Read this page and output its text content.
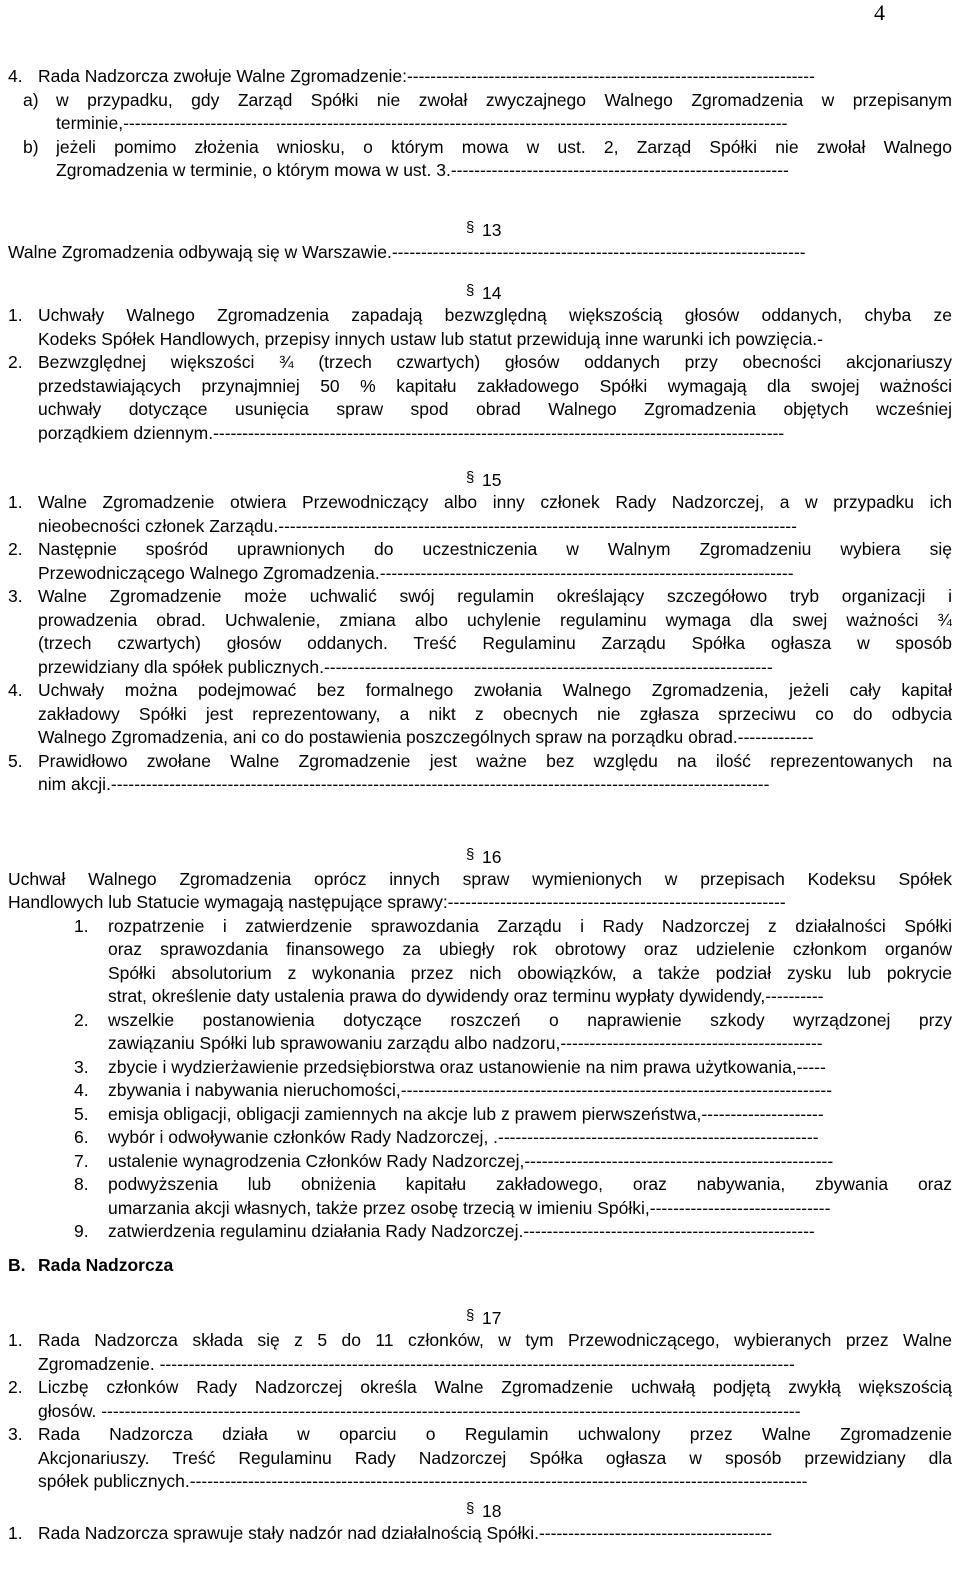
4
4. Rada Nadzorcza zwołuje Walne Zgromadzenie:----------------------------------------------------------------------
a) w przypadku, gdy Zarząd Spółki nie zwołał zwyczajnego Walnego Zgromadzenia w przepisanym
terminie,------------------------------------------------------------------------------------------------------------------
b) jeżeli pomimo złożenia wniosku, o którym mowa w ust. 2, Zarząd Spółki nie zwołał Walnego
Zgromadzenia w terminie, o którym mowa w ust. 3.----------------------------------------------------------
§ 13
Walne Zgromadzenia odbywają się w Warszawie.-----------------------------------------------------------------------
§ 14
1. Uchwały Walnego Zgromadzenia zapadają bezwzględną większością głosów oddanych, chyba ze
Kodeks Spółek Handlowych, przepisy innych ustaw lub statut przewidują inne warunki ich powzięcia.-
2. Bezwzględnej większości ¾ (trzech czwartych) głosów oddanych przy obecności akcjonariuszy
przedstawiających przynajmniej 50 % kapitału zakładowego Spółki wymagają dla swojej ważności
uchwały dotyczące usunięcia spraw spod obrad Walnego Zgromadzenia objętych wcześniej
porządkiem dziennym.--------------------------------------------------------------------------------------------------
§ 15
1. Walne Zgromadzenie otwiera Przewodniczący albo inny członek Rady Nadzorczej, a w przypadku ich
nieobecności członek Zarządu.-----------------------------------------------------------------------------------------
2. Następnie spośród uprawnionych do uczestniczenia w Walnym Zgromadzeniu wybiera się
Przewodniczącego Walnego Zgromadzenia.-----------------------------------------------------------------------
3. Walne Zgromadzenie może uchwalić swój regulamin określający szczegółowo tryb organizacji i
prowadzenia obrad. Uchwalenie, zmiana albo uchylenie regulaminu wymaga dla swej ważności ¾
(trzech czwartych) głosów oddanych. Treść Regulaminu Zarządu Spółka ogłasza w sposób
przewidziany dla spółek publicznych.-----------------------------------------------------------------------------
4. Uchwały można podejmować bez formalnego zwołania Walnego Zgromadzenia, jeżeli cały kapitał
zakładowy Spółki jest reprezentowany, a nikt z obecnych nie zgłasza sprzeciwu co do odbycia
Walnego Zgromadzenia, ani co do postawienia poszczególnych spraw na porządku obrad.-------------
5. Prawidłowo zwołane Walne Zgromadzenie jest ważne bez względu na ilość reprezentowanych na
nim akcji.-----------------------------------------------------------------------------------------------------------------
§ 16
Uchwał Walnego Zgromadzenia oprócz innych spraw wymienionych w przepisach Kodeksu Spółek
Handlowych lub Statucie wymagają następujące sprawy:----------------------------------------------------------
1. rozpatrzenie i zatwierdzenie sprawozdania Zarządu i Rady Nadzorczej z działalności Spółki
oraz sprawozdania finansowego za ubiegły rok obrotowy oraz udzielenie członkom organów
Spółki absolutorium z wykonania przez nich obowiązków, a także podział zysku lub pokrycie
strat, określenie daty ustalenia prawa do dywidendy oraz terminu wypłaty dywidendy,----------
2. wszelkie postanowienia dotyczące roszczeń o naprawienie szkody wyrządzonej przy
zawiązaniu Spółki lub sprawowaniu zarządu albo nadzoru,---------------------------------------------
3. zbycie i wydzierżawienie przedsiębiorstwa oraz ustanowienie na nim prawa użytkowania,-----
4. zbywania i nabywania nieruchomości,--------------------------------------------------------------------------
5. emisja obligacji, obligacji zamiennych na akcje lub z prawem pierwszeństwa,---------------------
6. wybór i odwoływanie członków Rady Nadzorczej, .-------------------------------------------------------
7. ustalenie wynagrodzenia Członków Rady Nadzorczej,-----------------------------------------------------
8. podwyższenia lub obniżenia kapitału zakładowego, oraz nabywania, zbywania oraz
umarzania akcji własnych, także przez osobę trzecią w imieniu Spółki,-------------------------------
9. zatwierdzenia regulaminu działania Rady Nadzorczej.--------------------------------------------------
B. Rada Nadzorcza
§ 17
1. Rada Nadzorcza składa się z 5 do 11 członków, w tym Przewodniczącego, wybieranych przez Walne
Zgromadzenie. -------------------------------------------------------------------------------------------------------------
2. Liczbę członków Rady Nadzorczej określa Walne Zgromadzenie uchwałą podjętą zwykłą większością
głosów. ------------------------------------------------------------------------------------------------------------------------
3. Rada Nadzorcza działa w oparciu o Regulamin uchwalony przez Walne Zgromadzenie
Akcjonariuszy. Treść Regulaminu Rady Nadzorczej Spółka ogłasza w sposób przewidziany dla
spółek publicznych.----------------------------------------------------------------------------------------------------------
§ 18
1. Rada Nadzorcza sprawuje stały nadzór nad działalnością Spółki.----------------------------------------
